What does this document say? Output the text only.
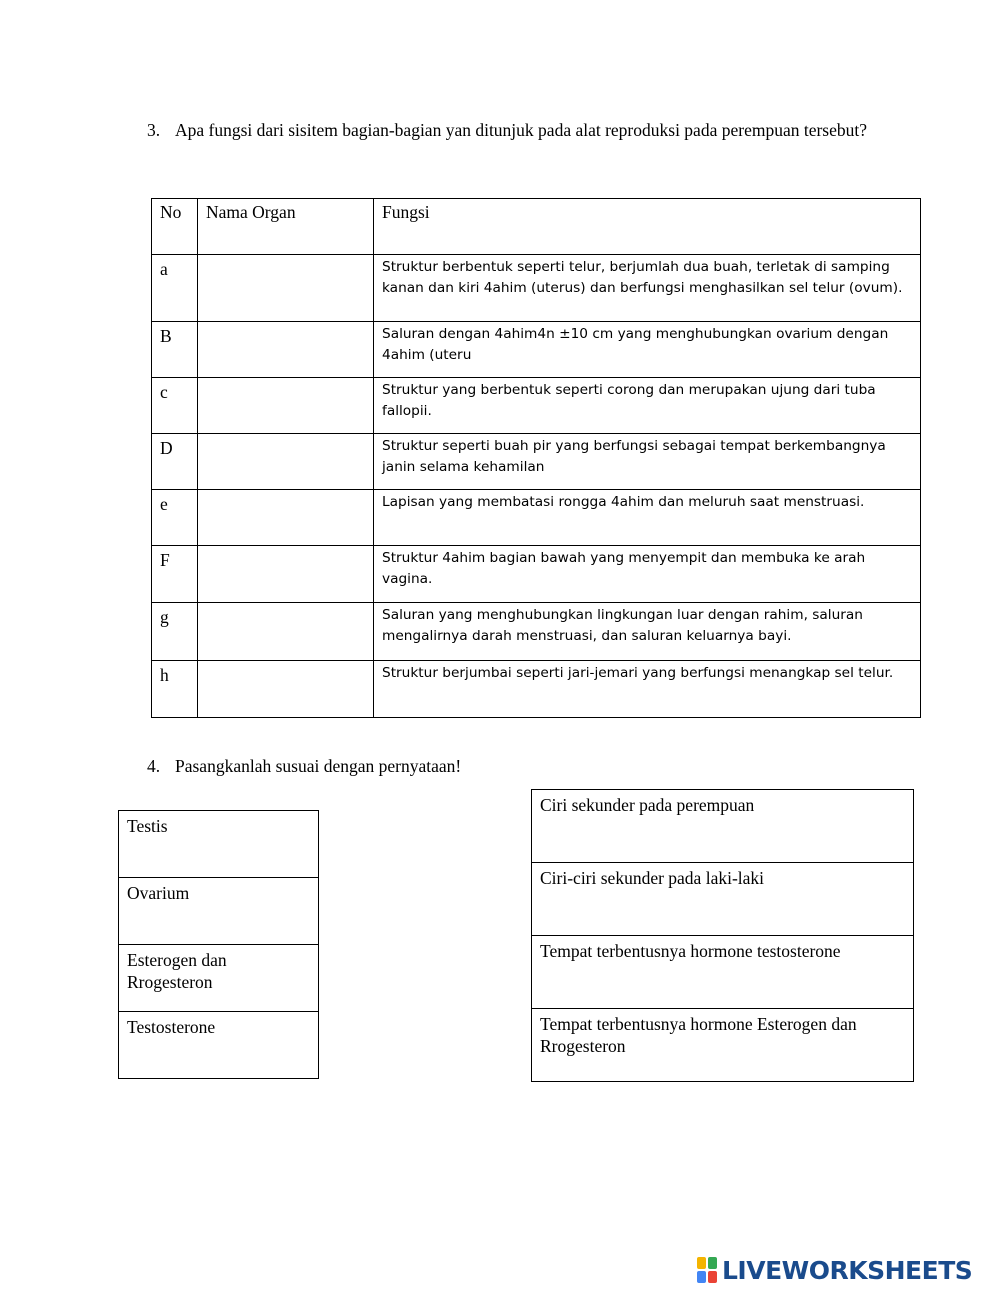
3. Apa fungsi dari sisitem bagian-bagian yan ditunjuk pada alat reproduksi pada perempuan tersebut?
No	Nama Organ	Fungsi

a		Struktur berbentuk seperti telur, berjumlah dua buah, terletak di samping kanan dan kiri 4ahim (uterus) dan berfungsi menghasilkan sel telur (ovum).
B		Saluran dengan 4ahim4n ±10 cm yang menghubungkan ovarium dengan 4ahim (uteru
c		Struktur yang berbentuk seperti corong dan merupakan ujung dari tuba fallopii.
D		Struktur seperti buah pir yang berfungsi sebagai tempat berkembangnya janin selama kehamilan
e		Lapisan yang membatasi rongga 4ahim dan meluruh saat menstruasi.
F		Struktur 4ahim bagian bawah yang menyempit dan membuka ke arah vagina.
g		Saluran yang menghubungkan lingkungan luar dengan rahim, saluran mengalirnya darah menstruasi, dan saluran keluarnya bayi.
h		Struktur berjumbai seperti jari-jemari yang berfungsi menangkap sel telur.
4. Pasangkanlah susuai dengan pernyataan!
Testis
Ovarium
Esterogen dan Rrogesteron
Testosterone
Ciri sekunder pada perempuan
Ciri-ciri sekunder pada laki-laki
Tempat terbentusnya hormone testosterone
Tempat terbentusnya hormone Esterogen dan Rrogesteron
LIVEWORKSHEETS
